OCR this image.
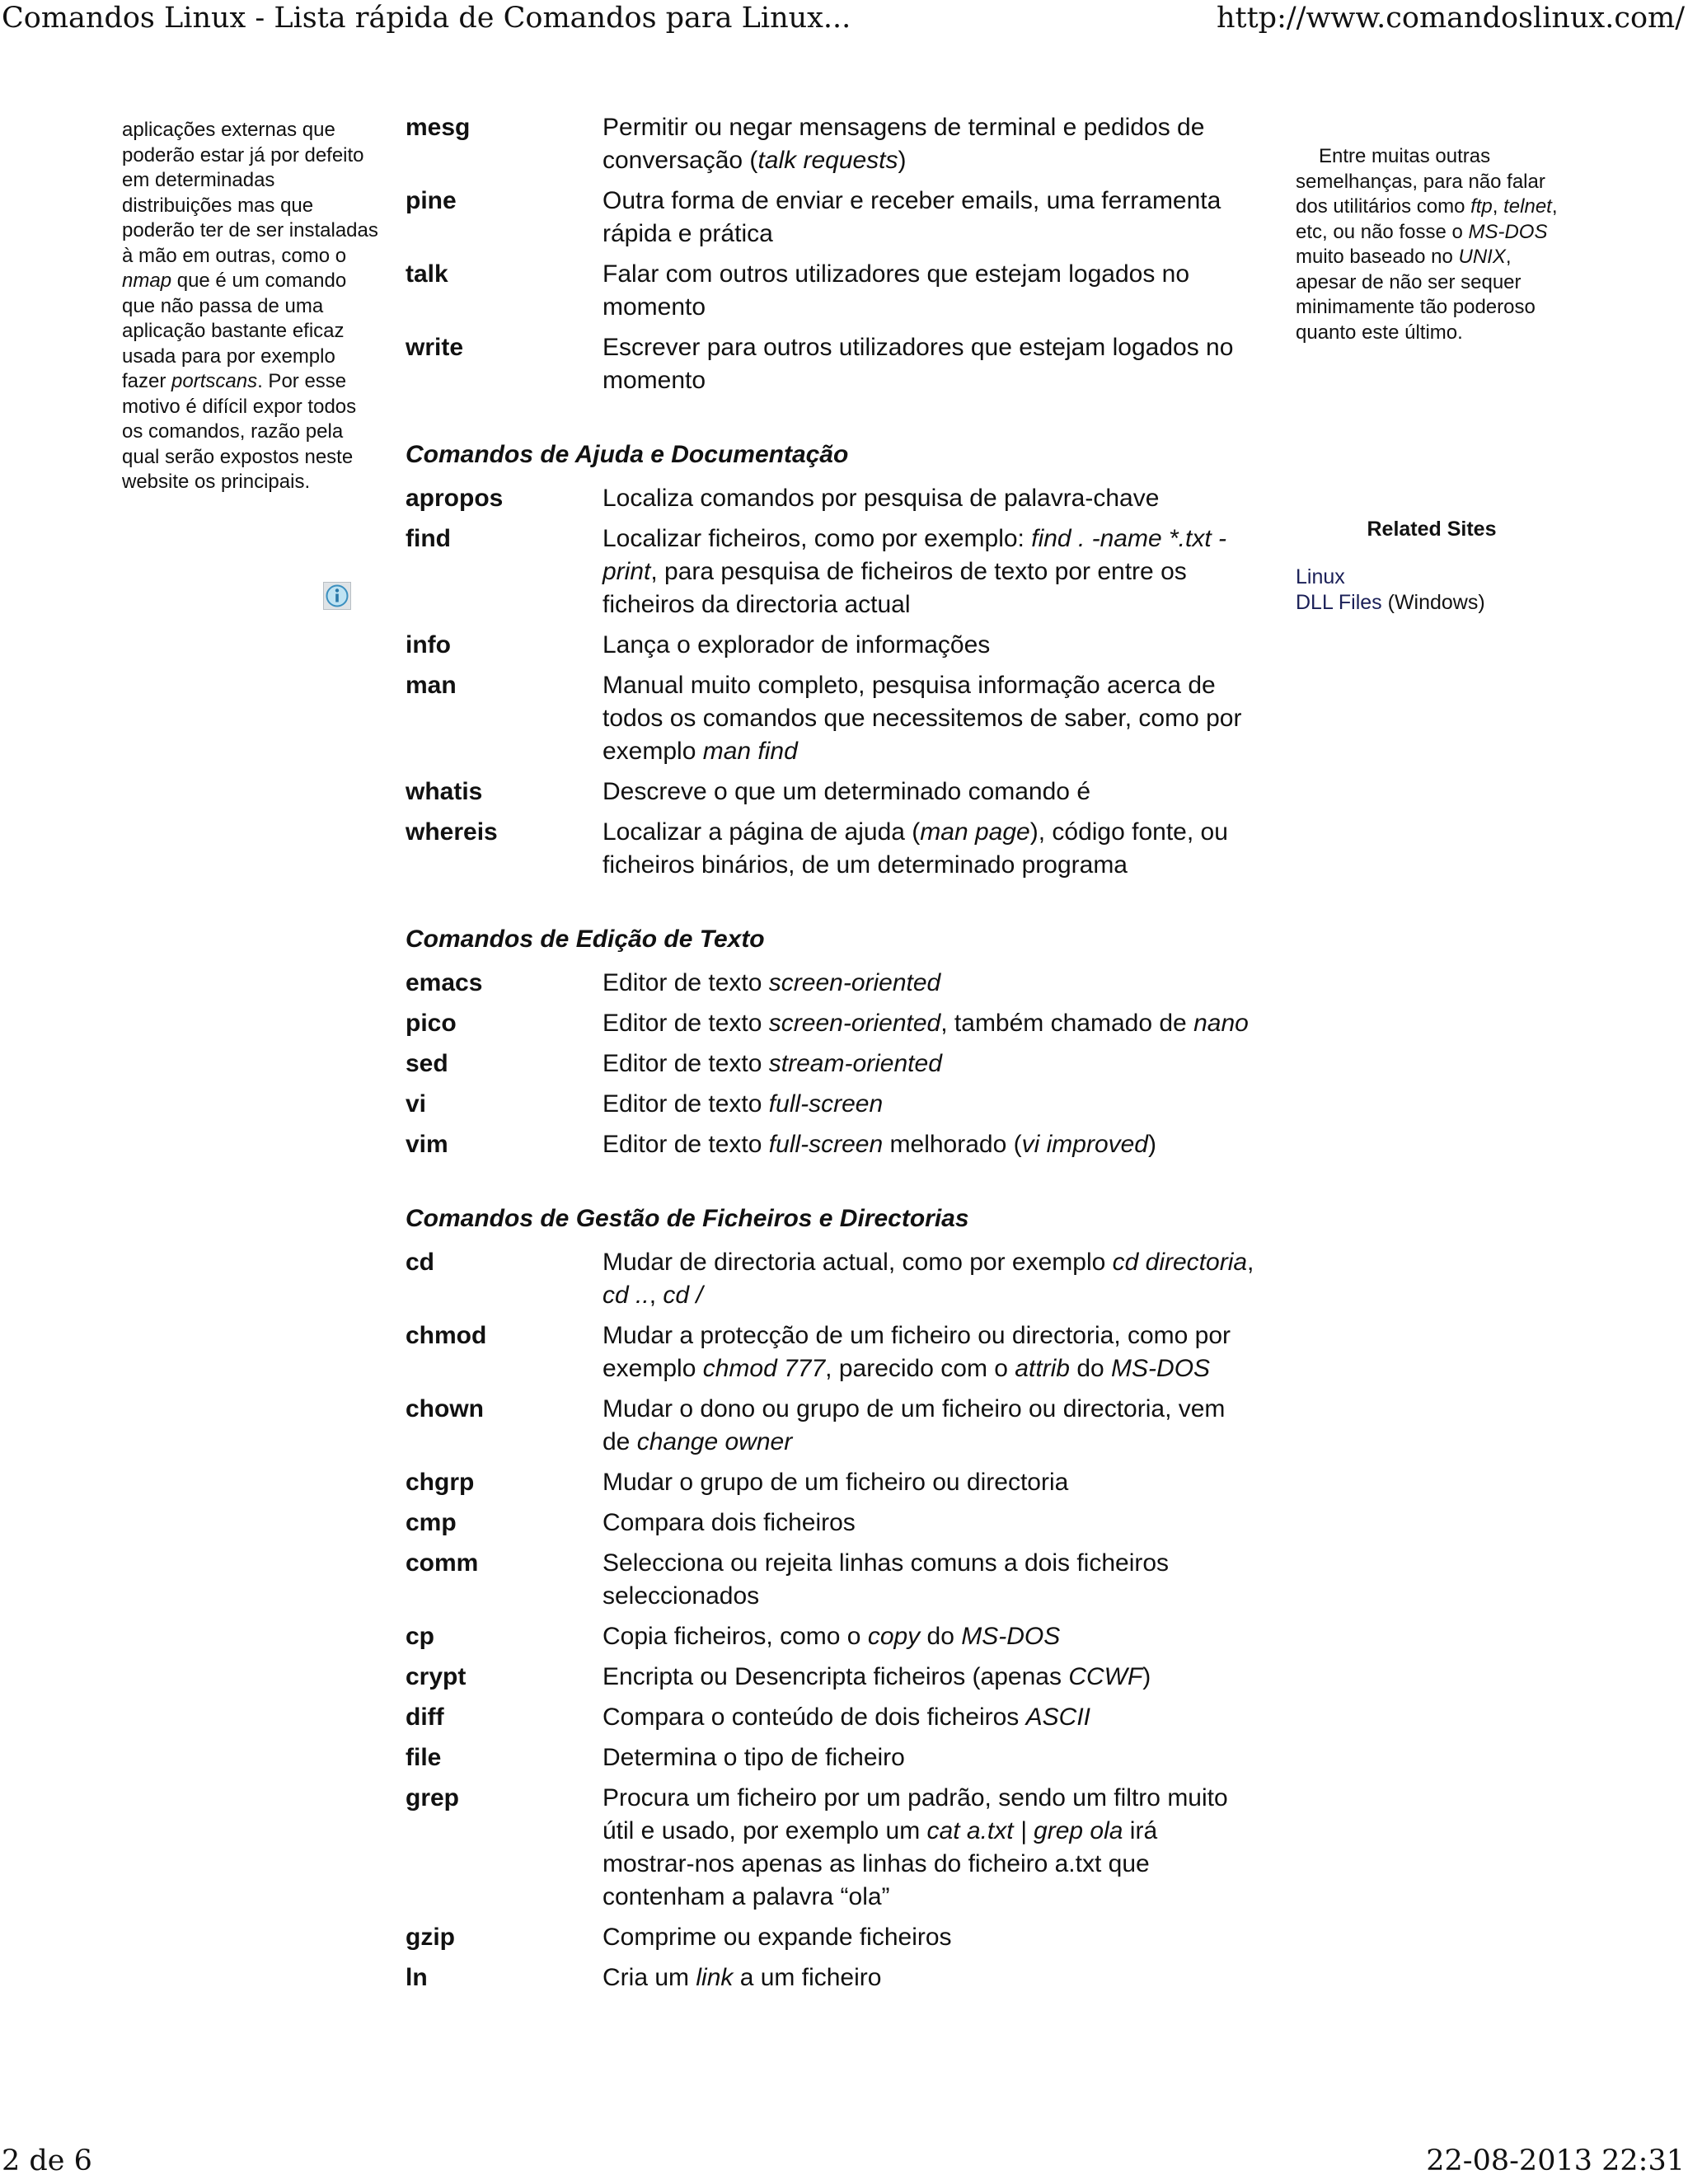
Comandos Linux - Lista rápida de Comandos para Linux...	http://www.comandoslinux.com/
aplicações externas que poderão estar já por defeito em determinadas distribuições mas que poderão ter de ser instaladas à mão em outras, como o nmap que é um comando que não passa de uma aplicação bastante eficaz usada para por exemplo fazer portscans. Por esse motivo é difícil expor todos os comandos, razão pela qual serão expostos neste website os principais.
mesg	Permitir ou negar mensagens de terminal e pedidos de conversação (talk requests)
pine	Outra forma de enviar e receber emails, uma ferramenta rápida e prática
talk	Falar com outros utilizadores que estejam logados no momento
write	Escrever para outros utilizadores que estejam logados no momento
Comandos de Ajuda e Documentação
apropos	Localiza comandos por pesquisa de palavra-chave
find	Localizar ficheiros, como por exemplo: find . -name *.txt -print, para pesquisa de ficheiros de texto por entre os ficheiros da directoria actual
info	Lança o explorador de informações
man	Manual muito completo, pesquisa informação acerca de todos os comandos que necessitemos de saber, como por exemplo man find
whatis	Descreve o que um determinado comando é
whereis	Localizar a página de ajuda (man page), código fonte, ou ficheiros binários, de um determinado programa
Comandos de Edição de Texto
emacs	Editor de texto screen-oriented
pico	Editor de texto screen-oriented, também chamado de nano
sed	Editor de texto stream-oriented
vi	Editor de texto full-screen
vim	Editor de texto full-screen melhorado (vi improved)
Comandos de Gestão de Ficheiros e Directorias
cd	Mudar de directoria actual, como por exemplo cd directoria, cd .., cd /
chmod	Mudar a protecção de um ficheiro ou directoria, como por exemplo chmod 777, parecido com o attrib do MS-DOS
chown	Mudar o dono ou grupo de um ficheiro ou directoria, vem de change owner
chgrp	Mudar o grupo de um ficheiro ou directoria
cmp	Compara dois ficheiros
comm	Selecciona ou rejeita linhas comuns a dois ficheiros seleccionados
cp	Copia ficheiros, como o copy do MS-DOS
crypt	Encripta ou Desencripta ficheiros (apenas CCWF)
diff	Compara o conteúdo de dois ficheiros ASCII
file	Determina o tipo de ficheiro
grep	Procura um ficheiro por um padrão, sendo um filtro muito útil e usado, por exemplo um cat a.txt | grep ola irá mostrar-nos apenas as linhas do ficheiro a.txt que contenham a palavra “ola”
gzip	Comprime ou expande ficheiros
ln	Cria um link a um ficheiro
Entre muitas outras semelhanças, para não falar dos utilitários como ftp, telnet, etc, ou não fosse o MS-DOS muito baseado no UNIX, apesar de não ser sequer minimamente tão poderoso quanto este último.
Related Sites
Linux
DLL Files (Windows)
2 de 6	22-08-2013 22:31
